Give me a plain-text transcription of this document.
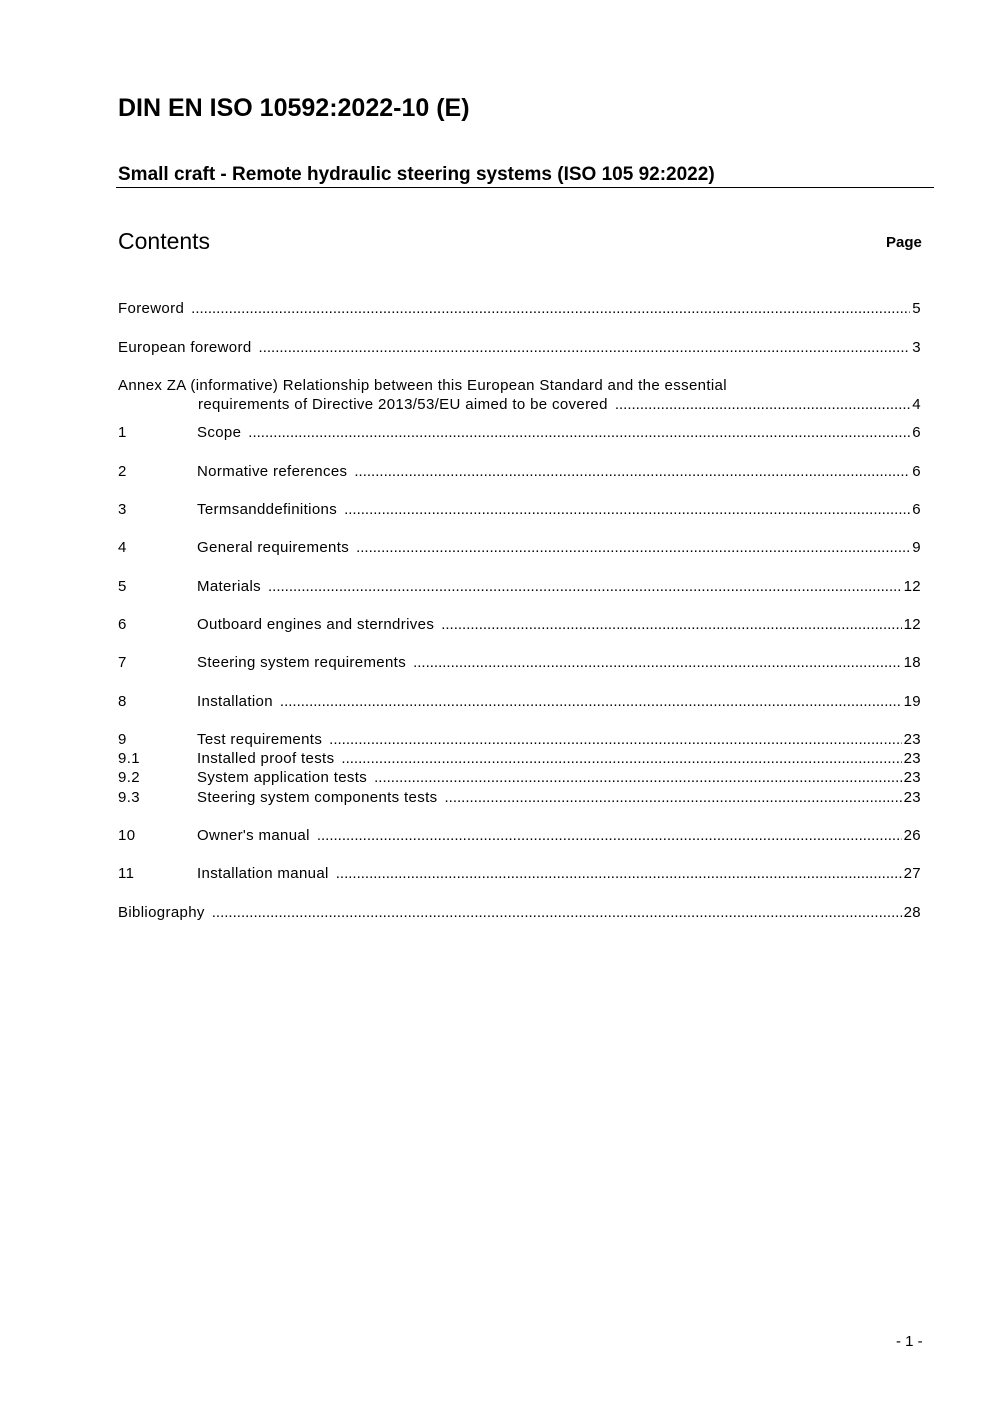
DIN EN ISO 10592:2022-10 (E)
Small craft - Remote hydraulic steering systems (ISO 105 92:2022)
Contents	Page
Foreword .....	5
European foreword .....	3
Annex ZA (informative) Relationship between this European Standard and the essential
requirements of Directive 2013/53/EU aimed to be covered .....	4
1	Scope .....	6
2	Normative references .....	6
3	Termsanddefinitions .....	6
4	General requirements .....	9
5	Materials .....	12
6	Outboard engines and sterndrives .....	12
7	Steering system requirements .....	18
8	Installation .....	19
9	Test requirements .....	23
9.1	Installed proof tests .....	23
9.2	System application tests .....	23
9.3	Steering system components tests .....	23
10	Owner's manual .....	26
11	Installation manual .....	27
Bibliography .....	28
- 1 -
